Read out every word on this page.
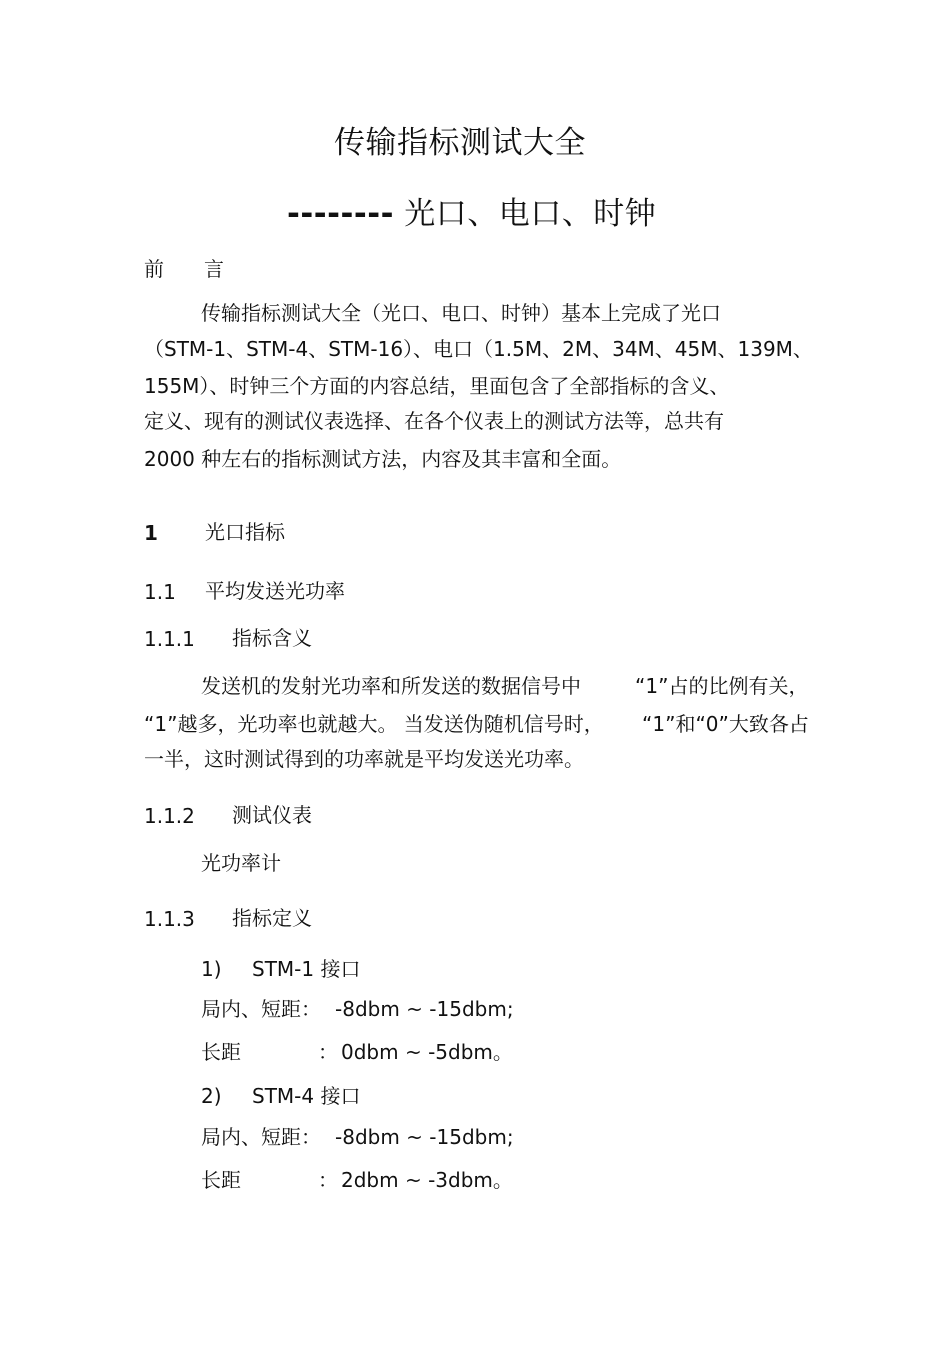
传输指标测试大全
-------- 光口、电口、时钟
前 言
传输指标测试大全（光口、电口、时钟）基本上完成了光口
（STM-1、STM-4、STM-16）、电口（1.5M、2M、34M、45M、139M、
155M）、时钟三个方面的内容总结，里面包含了全部指标的含义、
定义、现有的测试仪表选择、在各个仪表上的测试方法等，总共有
2000 种左右的指标测试方法，内容及其丰富和全面。
1 光口指标
1.1 平均发送光功率
1.1.1 指标含义
发送机的发射光功率和所发送的数据信号中	“1”占的比例有关，
“1”越多，光功率也就越大。 当发送伪随机信号时， “1”和“0”大致各占
一半，这时测试得到的功率就是平均发送光功率。
1.1.2 测试仪表
光功率计
1.1.3 指标定义
1) STM-1 接口
局内、短距： -8dbm ~ -15dbm;
长距	： 0dbm ~ -5dbm。
2) STM-4 接口
局内、短距： -8dbm ~ -15dbm;
长距	： 2dbm ~ -3dbm。
